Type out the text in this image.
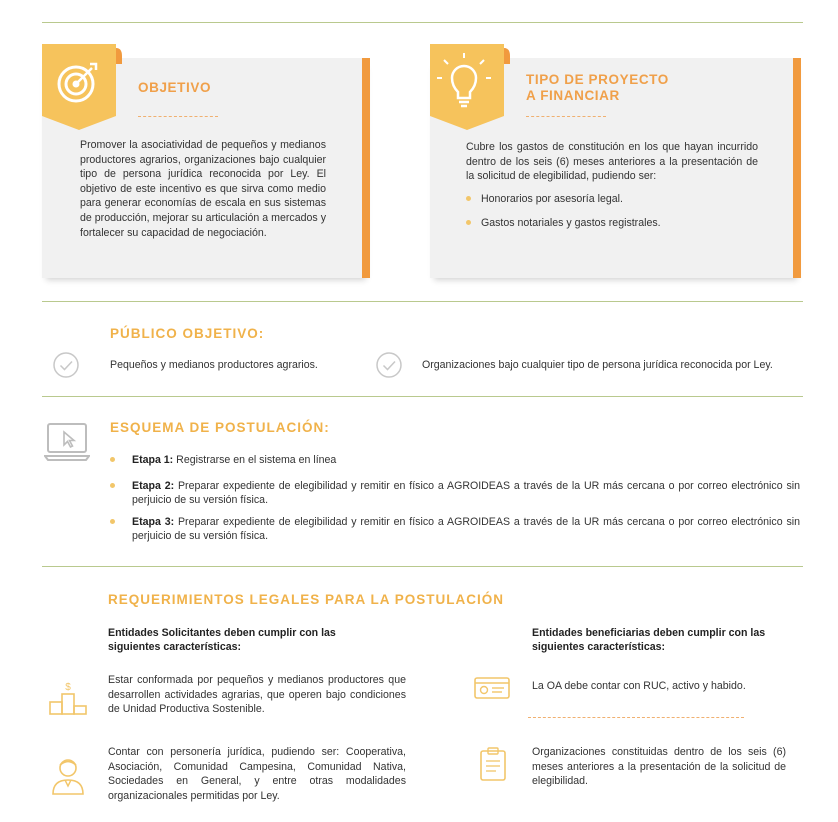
OBJETIVO
Promover la asociatividad de pequeños y medianos productores agrarios, organizaciones bajo cualquier tipo de persona jurídica reconocida por Ley. El objetivo de este incentivo es que sirva como medio para generar economías de escala en sus sistemas de producción, mejorar su articulación a mercados y fortalecer su capacidad de negociación.
TIPO DE PROYECTO
A FINANCIAR
Cubre los gastos de constitución en los que hayan incurrido dentro de los seis (6) meses anteriores a la presentación de la solicitud de elegibilidad, pudiendo ser:
Honorarios por asesoría legal.
Gastos notariales y gastos registrales.
PÚBLICO OBJETIVO:
Pequeños y medianos productores agrarios.	Organizaciones bajo cualquier tipo de persona jurídica reconocida por Ley.
ESQUEMA DE POSTULACIÓN:
Etapa 1: Registrarse en el sistema en línea
Etapa 2: Preparar expediente de elegibilidad y remitir en físico a AGROIDEAS a través de la UR más cercana o por correo electrónico sin perjuicio de su versión física.
Etapa 3: Preparar expediente de elegibilidad y remitir en físico a AGROIDEAS a través de la UR más cercana o por correo electrónico sin perjuicio de su versión física.
REQUERIMIENTOS LEGALES PARA LA POSTULACIÓN
Entidades Solicitantes deben cumplir con las siguientes características:
Entidades beneficiarias deben cumplir con las siguientes características:
$
Estar conformada por pequeños y medianos productores que desarrollen actividades agrarias, que operen bajo condiciones de Unidad Productiva Sostenible.
Contar con personería jurídica, pudiendo ser: Cooperativa, Asociación, Comunidad Campesina, Comunidad Nativa, Sociedades en General, y entre otras modalidades organizacionales permitidas por Ley.
La OA debe contar con RUC, activo y habido.
Organizaciones constituidas dentro de los seis (6) meses anteriores a la presentación de la solicitud de elegibilidad.
